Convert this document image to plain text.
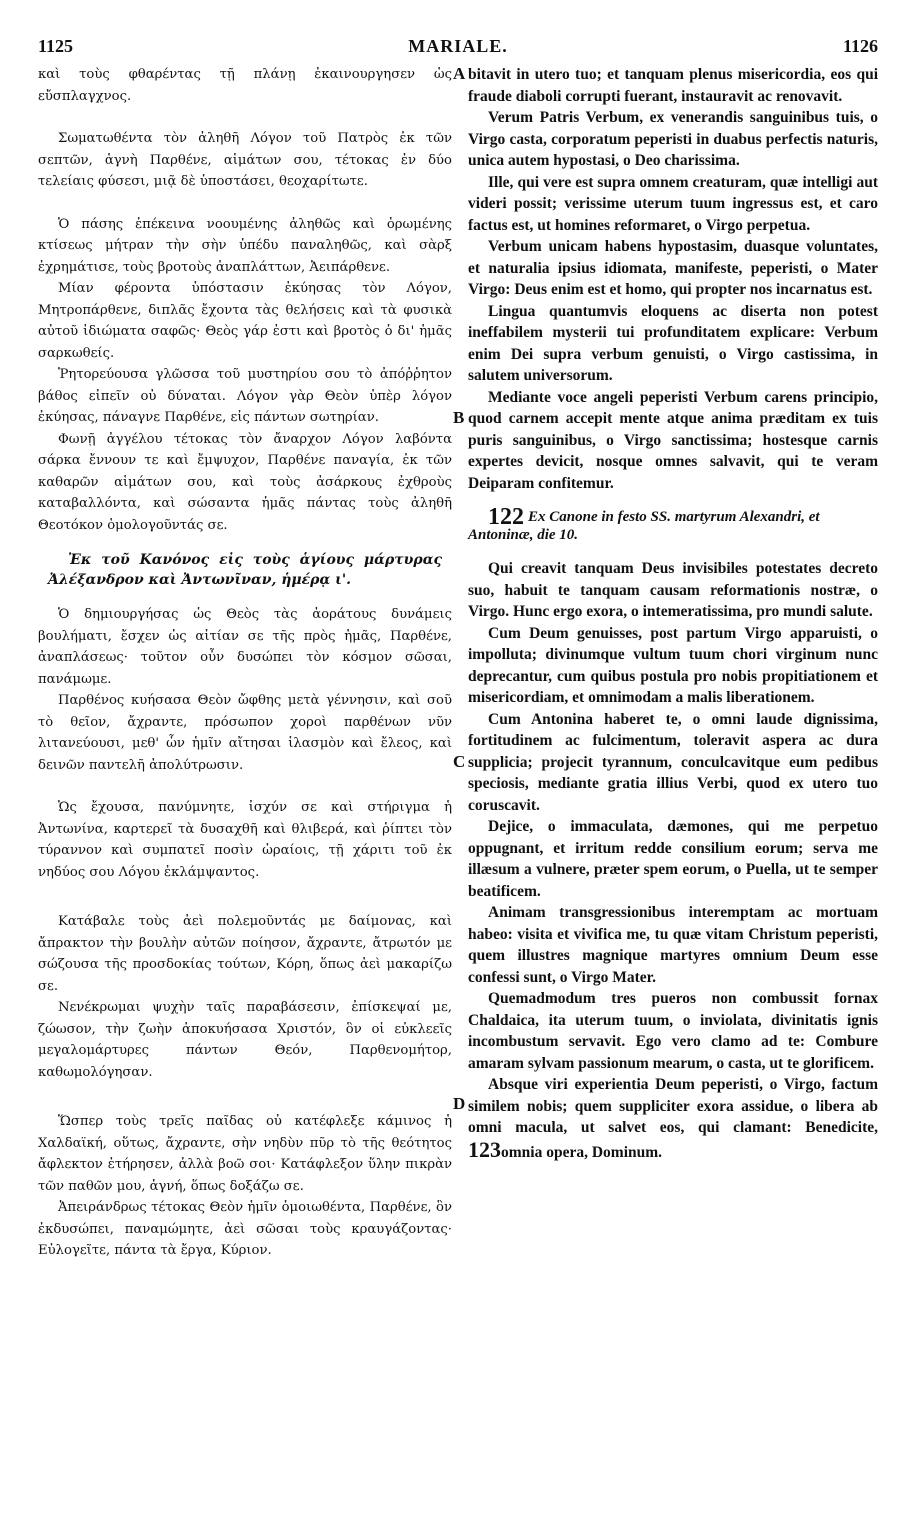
1125	MARIALE.	1126
A
B
C
D

καὶ τοὺς φθαρέντας τῇ πλάνῃ ἐκαινουργησεν ὡς εὔσπλαγχνος.

Σωματωθέντα τὸν ἀληθῆ Λόγον τοῦ Πατρὸς ἐκ τῶν σεπτῶν, ἁγνὴ Παρθένε, αἱμάτων σου, τέτοκας ἐν δύο τελείαις φύσεσι, μιᾷ δὲ ὑποστάσει, θεοχαρίτωτε.

Ὁ πάσης ἐπέκεινα νοουμένης ἀληθῶς καὶ ὁρωμένης κτίσεως μήτραν τὴν σὴν ὑπέδυ παναληθῶς, καὶ σὰρξ ἐχρημάτισε, τοὺς βροτοὺς ἀναπλάττων, Ἀειπάρθενε.

Μίαν φέροντα ὑπόστασιν ἐκύησας τὸν Λόγον, Μητροπάρθενε, διπλᾶς ἔχοντα τὰς θελήσεις καὶ τὰ φυσικὰ αὐτοῦ ἰδιώματα σαφῶς· Θεὸς γάρ ἐστι καὶ βροτὸς ὁ δι' ἡμᾶς σαρκωθείς.

Ῥητορεύουσα γλῶσσα τοῦ μυστηρίου σου τὸ ἀπόῤῥητον βάθος εἰπεῖν οὐ δύναται. Λόγον γὰρ Θεὸν ὑπὲρ λόγον ἐκύησας, πάναγνε Παρθένε, εἰς πάντων σωτηρίαν.

Φωνῇ ἀγγέλου τέτοκας τὸν ἄναρχον Λόγον λαβόντα σάρκα ἔννουν τε καὶ ἔμψυχον, Παρθένε παναγία, ἐκ τῶν καθαρῶν αἱμάτων σου, καὶ τοὺς ἀσάρκους ἐχθροὺς καταβαλλόντα, καὶ σώσαντα ἡμᾶς πάντας τοὺς ἀληθῆ Θεοτόκον ὁμολογοῦντάς σε.

Ἐκ τοῦ Κανόνος εἰς τοὺς ἁγίους μάρτυρας Ἀλέξανδρον καὶ Ἀντωνῖναν, ἡμέρᾳ ι'.

Ὁ δημιουργήσας ὡς Θεὸς τὰς ἀοράτους δυνάμεις βουλήματι, ἔσχεν ὡς αἰτίαν σε τῆς πρὸς ἡμᾶς, Παρθένε, ἀναπλάσεως· τοῦτον οὖν δυσώπει τὸν κόσμον σῶσαι, πανάμωμε.

Παρθένος κυήσασα Θεὸν ὤφθης μετὰ γέννησιν, καὶ σοῦ τὸ θεῖον, ἄχραντε, πρόσωπον χοροὶ παρθένων νῦν λιτανεύουσι, μεθ' ὧν ἡμῖν αἴτησαι ἱλασμὸν καὶ ἔλεος, καὶ δεινῶν παντελῆ ἀπολύτρωσιν.

Ὡς ἔχουσα, πανύμνητε, ἰσχύν σε καὶ στήριγμα ἡ Ἀντωνίνα, καρτερεῖ τὰ δυσαχθῆ καὶ θλιβερά, καὶ ῥίπτει τὸν τύραννον καὶ συμπατεῖ ποσὶν ὡραίοις, τῇ χάριτι τοῦ ἐκ νηδύος σου Λόγου ἐκλάμψαντος.

Κατάβαλε τοὺς ἀεὶ πολεμοῦντάς με δαίμονας, καὶ ἄπρακτον τὴν βουλὴν αὐτῶν ποίησον, ἄχραντε, ἄτρωτόν με σώζουσα τῆς προσδοκίας τούτων, Κόρη, ὅπως ἀεὶ μακαρίζω σε.

Νενέκρωμαι ψυχὴν ταῖς παραβάσεσιν, ἐπίσκεψαί με, ζώωσον, τὴν ζωὴν ἀποκυήσασα Χριστόν, ὃν οἱ εὐκλεεῖς μεγαλομάρτυρες πάντων Θεόν, Παρθενομήτορ, καθωμολόγησαν.

Ὥσπερ τοὺς τρεῖς παῖδας οὐ κατέφλεξε κάμινος ἡ Χαλδαϊκή, οὕτως, ἄχραντε, σὴν νηδὺν πῦρ τὸ τῆς θεότητος ἄφλεκτον ἐτήρησεν, ἀλλὰ βοῶ σοι· Κατάφλεξον ὕλην πικρὰν τῶν παθῶν μου, ἁγνή, ὅπως δοξάζω σε.

Ἀπειράνδρως τέτοκας Θεὸν ἡμῖν ὁμοιωθέντα, Παρθένε, ὃν ἐκδυσώπει, παναμώμητε, ἀεὶ σῶσαι τοὺς κραυγάζοντας· Εὐλογεῖτε, πάντα τὰ ἔργα, Κύριον.

bitavit in utero tuo; et tanquam plenus misericordia, eos qui fraude diaboli corrupti fuerant, instauravit ac renovavit.

Verum Patris Verbum, ex venerandis sanguinibus tuis, o Virgo casta, corporatum peperisti in duabus perfectis naturis, unica autem hypostasi, o Deo charissima.

Ille, qui vere est supra omnem creaturam, quæ intelligi aut videri possit; verissime uterum tuum ingressus est, et caro factus est, ut homines reformaret, o Virgo perpetua.

Verbum unicam habens hypostasim, duasque voluntates, et naturalia ipsius idiomata, manifeste, peperisti, o Mater Virgo: Deus enim est et homo, qui propter nos incarnatus est.

Lingua quantumvis eloquens ac diserta non potest ineffabilem mysterii tui profunditatem explicare: Verbum enim Dei supra verbum genuisti, o Virgo castissima, in salutem universorum.

Mediante voce angeli peperisti Verbum carens principio, quod carnem accepit mente atque anima præditam ex tuis puris sanguinibus, o Virgo sanctissima; hostesque carnis expertes devicit, nosque omnes salvavit, qui te veram Deiparam confitemur.

122 Ex Canone in festo SS. martyrum Alexandri, et Antoninæ, die 10.

Qui creavit tanquam Deus invisibiles potestates decreto suo, habuit te tanquam causam reformationis nostræ, o Virgo. Hunc ergo exora, o intemeratissima, pro mundi salute.

Cum Deum genuisses, post partum Virgo apparuisti, o impolluta; divinumque vultum tuum chori virginum nunc deprecantur, cum quibus postula pro nobis propitiationem et misericordiam, et omnimodam a malis liberationem.

Cum Antonina haberet te, o omni laude dignissima, fortitudinem ac fulcimentum, toleravit aspera ac dura supplicia; projecit tyrannum, conculcavitque eum pedibus speciosis, mediante gratia illius Verbi, quod ex utero tuo coruscavit.

Dejice, o immaculata, dæmones, qui me perpetuo oppugnant, et irritum redde consilium eorum; serva me illæsum a vulnere, præter spem eorum, o Puella, ut te semper beatificem.

Animam transgressionibus interemptam ac mortuam habeo: visita et vivifica me, tu quæ vitam Christum peperisti, quem illustres magnique martyres omnium Deum esse confessi sunt, o Virgo Mater.

Quemadmodum tres pueros non combussit fornax Chaldaica, ita uterum tuum, o inviolata, divinitatis ignis incombustum servavit. Ego vero clamo ad te: Combure amaram sylvam passionum mearum, o casta, ut te glorificem.

Absque viri experientia Deum peperisti, o Virgo, factum similem nobis; quem suppliciter exora assidue, o libera ab omni macula, ut salvet eos, qui clamant: Benedicite, 123omnia opera, Dominum.
